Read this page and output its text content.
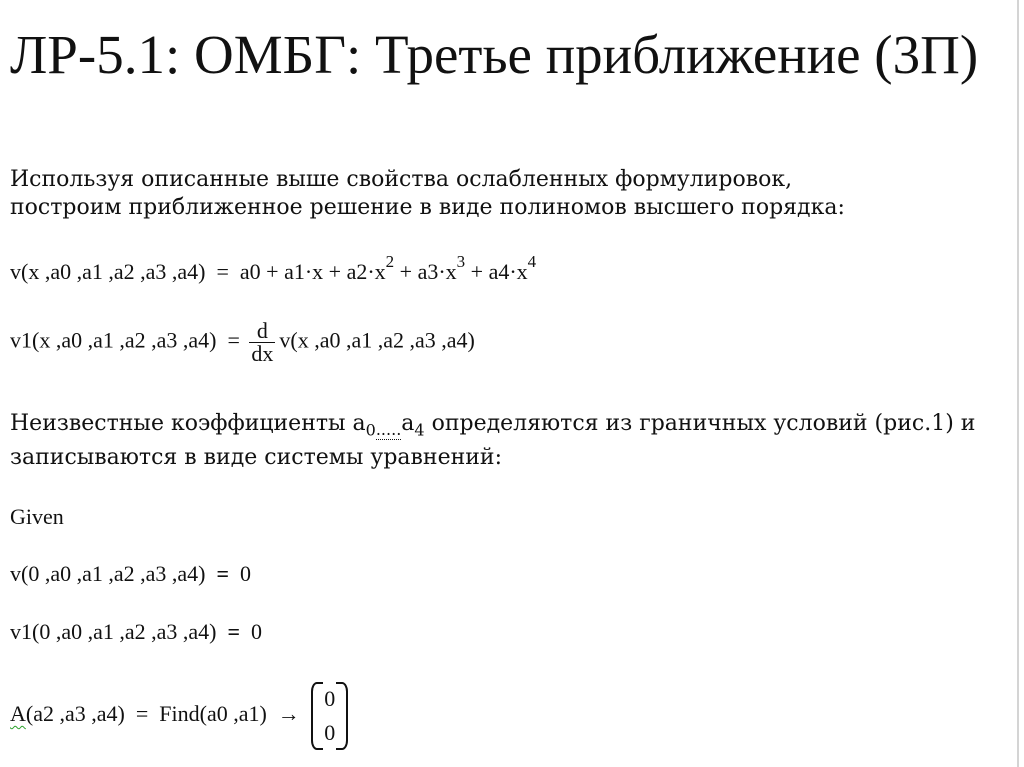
ЛР-5.1: ОМБГ: Третье приближение (3П)
Используя описанные выше свойства ослабленных формулировок,
построим приближенное решение в виде полиномов высшего порядка:
v(x ,a0 ,a1 ,a2 ,a3 $,a4) = a0 + a1\cdot x + a2\cdot x^2 + a3\cdot x^3 + a4\cdot x^4$
v1(x ,a0 ,a1 ,a2 ,a3 $,a4) = \frac{d}{dx} v(x$ ,a0 ,a1 ,a2 ,a3 ,a4)
Неизвестные коэффициенты $a_{0.....}a_4$ определяются из граничных условий (рис.1) и
записываются в виде системы уравнений:
Given
v(0 ,a0 ,a1 ,a2 ,a3 ,a4) = 0
v1(0 ,a0 ,a1 ,a2 ,a3 ,a4) = 0
A(a2 ,a3 ,a4) = Find(a0 ,a1) →
0
0
